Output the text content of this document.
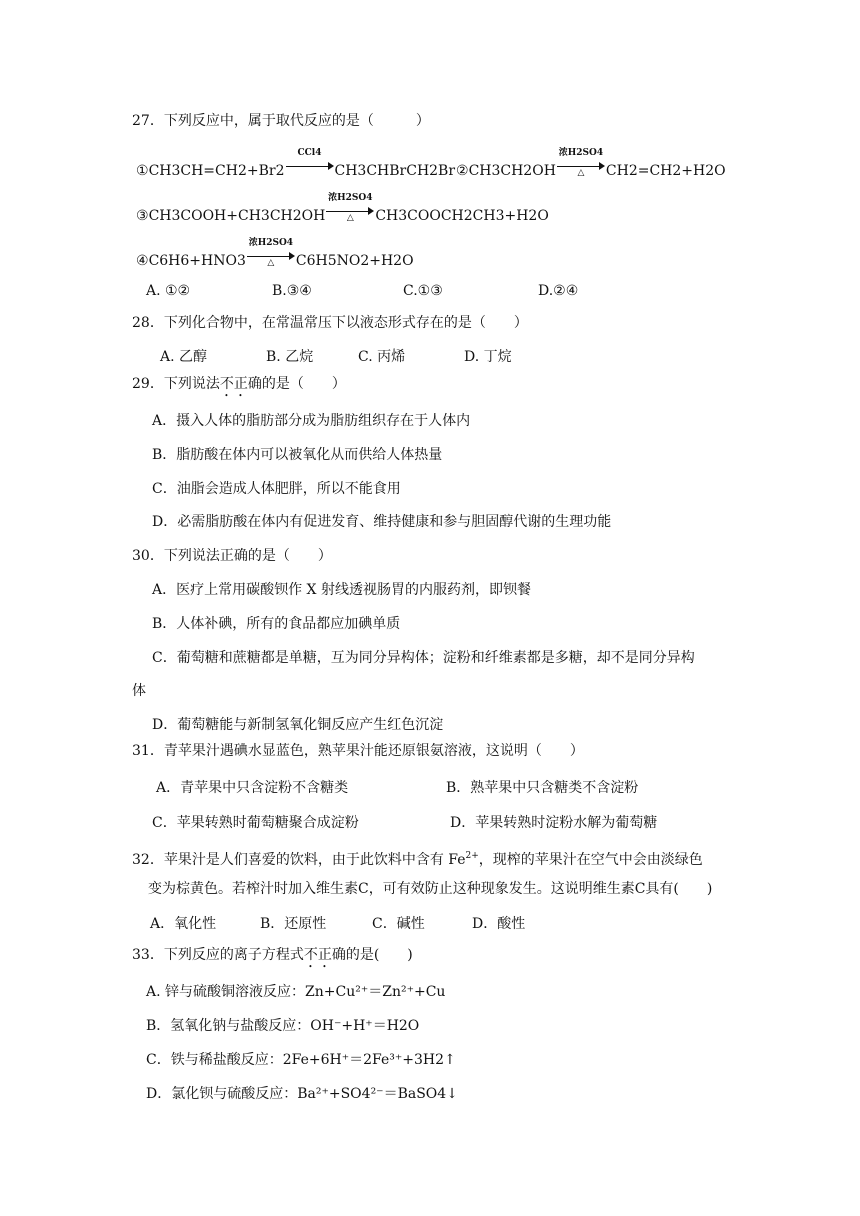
27．下列反应中，属于取代反应的是（　　　）
①CH3CH=CH2+Br2
CCl4
CH3CHBrCH2Br ②CH3CH2OH
浓H2SO4
△	CH2=CH2+H2O
③CH3COOH+CH3CH2OH
浓H2SO4
△	CH3COOCH2CH3+H2O
④C6H6+HNO3
浓H2SO4
△	C6H5NO2+H2O
A. ①②	B.③④	C.①③	D.②④
28．下列化合物中，在常温常压下以液态形式存在的是（　　）
A. 乙醇	B. 乙烷	C. 丙烯	D. 丁烷
29．下列说法不正确的是（　　）
A．摄入人体的脂肪部分成为脂肪组织存在于人体内
B．脂肪酸在体内可以被氧化从而供给人体热量
C．油脂会造成人体肥胖，所以不能食用
D．必需脂肪酸在体内有促进发育、维持健康和参与胆固醇代谢的生理功能
30．下列说法正确的是（　　）
A．医疗上常用碳酸钡作 X 射线透视肠胃的内服药剂，即钡餐
B．人体补碘，所有的食品都应加碘单质
C．葡萄糖和蔗糖都是单糖，互为同分异构体；淀粉和纤维素都是多糖，却不是同分异构
体
D．葡萄糖能与新制氢氧化铜反应产生红色沉淀
31．青苹果汁遇碘水显蓝色，熟苹果汁能还原银氨溶液，这说明（　　）
A．青苹果中只含淀粉不含糖类	B．熟苹果中只含糖类不含淀粉
C．苹果转熟时葡萄糖聚合成淀粉	D．苹果转熟时淀粉水解为葡萄糖
32．苹果汁是人们喜爱的饮料，由于此饮料中含有 $Fe^{2+}$，现榨的苹果汁在空气中会由淡绿色
变为棕黄色。若榨汁时加入维生素C，可有效防止这种现象发生。这说明维生素C具有(　　)
A．氧化性	B．还原性	C．碱性	D．酸性
33．下列反应的离子方程式不正确的是(　　)
A. 锌与硫酸铜溶液反应：Zn+Cu²⁺＝Zn²⁺+Cu
B．氢氧化钠与盐酸反应：OH⁻+H⁺＝H2O
C．铁与稀盐酸反应：2Fe+6H⁺＝2Fe³⁺+3H2↑
D．氯化钡与硫酸反应：Ba²⁺+SO4²⁻＝BaSO4↓
